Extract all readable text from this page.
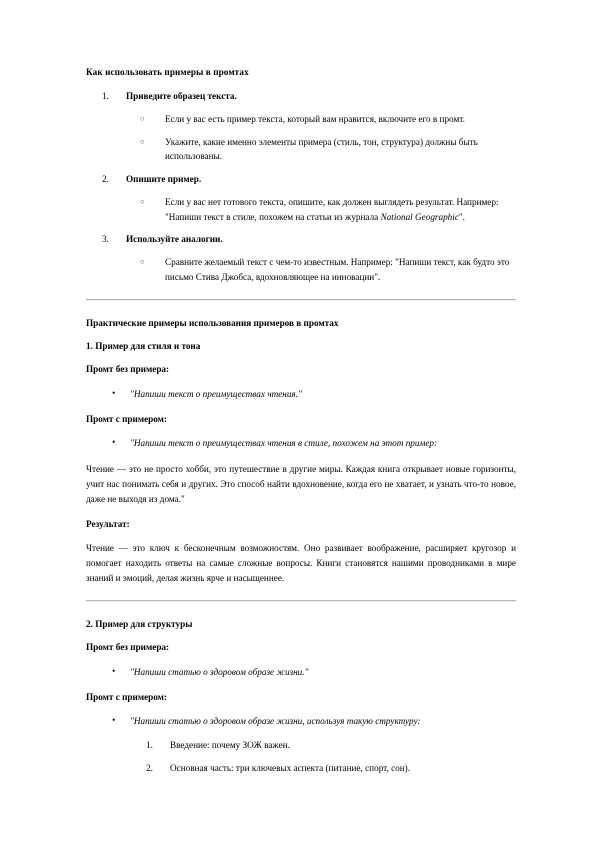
Как использовать примеры в промтах
1. Приведите образец текста.
○ Если у вас есть пример текста, который вам нравится, включите его в промт.
○ Укажите, какие именно элементы примера (стиль, тон, структура) должны быть использованы.
2. Опишите пример.
○ Если у вас нет готового текста, опишите, как должен выглядеть результат. Например: "Напиши текст в стиле, похожем на статьи из журнала National Geographic".
3. Используйте аналогии.
○ Сравните желаемый текст с чем-то известным. Например: "Напиши текст, как будто это письмо Стива Джобса, вдохновляющее на инновации".
Практические примеры использования примеров в промтах
1. Пример для стиля и тона
Промт без примера:
• "Напиши текст о преимуществах чтения."
Промт с примером:
• "Напиши текст о преимуществах чтения в стиле, похожем на этот пример:
Чтение — это не просто хобби, это путешествие в другие миры. Каждая книга открывает новые горизонты, учит нас понимать себя и других. Это способ найти вдохновение, когда его не хватает, и узнать что-то новое, даже не выходя из дома."
Результат:
Чтение — это ключ к бесконечным возможностям. Оно развивает воображение, расширяет кругозор и помогает находить ответы на самые сложные вопросы. Книги становятся нашими проводниками в мире знаний и эмоций, делая жизнь ярче и насыщеннее.
2. Пример для структуры
Промт без примера:
• "Напиши статью о здоровом образе жизни."
Промт с примером:
• "Напиши статью о здоровом образе жизни, используя такую структуру:
1. Введение: почему ЗОЖ важен.
2. Основная часть: три ключевых аспекта (питание, спорт, сон).
